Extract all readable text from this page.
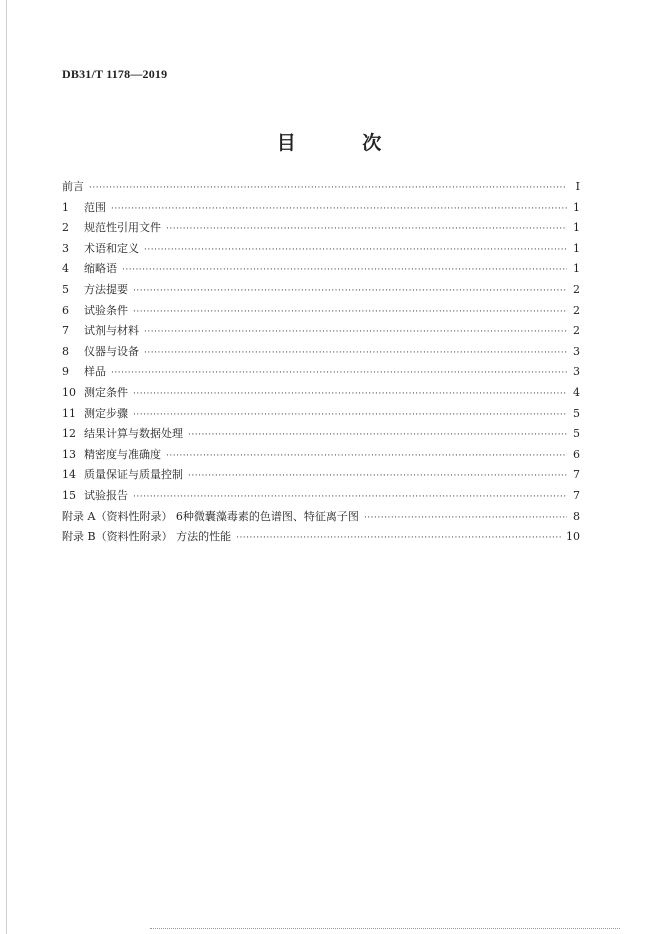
DB31/T 1178—2019
目 次
前言 ·····	Ⅰ
1	范围 ·····	1
2	规范性引用文件 ·····	1
3	术语和定义 ·····	1
4	缩略语 ·····	1
5	方法提要 ·····	2
6	试验条件 ·····	2
7	试剂与材料 ·····	2
8	仪器与设备 ·····	3
9	样品 ·····	3
10 测定条件 ·····	4
11 测定步骤 ·····	5
12 结果计算与数据处理 ·····	5
13 精密度与准确度 ·····	6
14 质量保证与质量控制 ·····	7
15 试验报告 ·····	7
附录 A（资料性附录） 6种微囊藻毒素的色谱图、特征离子图 ·····	8
附录 B（资料性附录） 方法的性能 ·····	10
